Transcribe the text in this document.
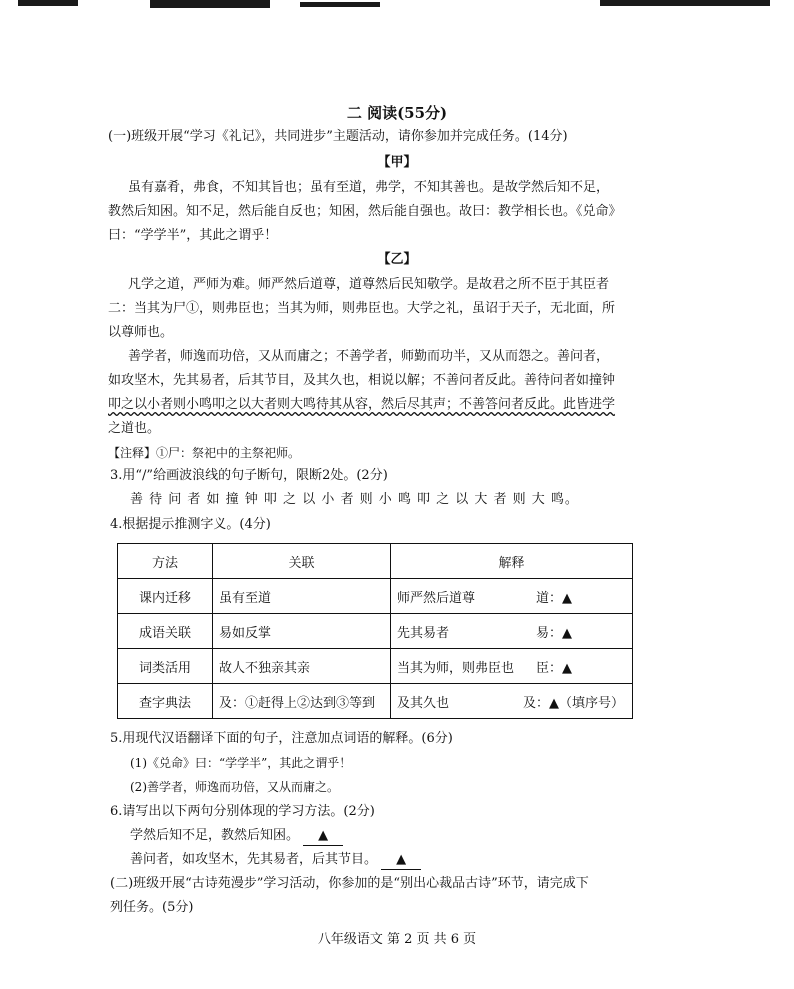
二 阅读(55分)
(一)班级开展“学习《礼记》，共同进步”主题活动，请你参加并完成任务。(14分)
【甲】
虽有嘉肴，弗食，不知其旨也；虽有至道，弗学，不知其善也。是故学然后知不足，
教然后知困。知不足，然后能自反也；知困，然后能自强也。故曰：教学相长也。《兑命》
曰：“学学半”，其此之谓乎！
【乙】
凡学之道，严师为难。师严然后道尊，道尊然后民知敬学。是故君之所不臣于其臣者
二：当其为尸①，则弗臣也；当其为师，则弗臣也。大学之礼，虽诏于天子，无北面，所
以尊师也。
善学者，师逸而功倍，又从而庸之；不善学者，师勤而功半，又从而怨之。善问者，
如攻坚木，先其易者，后其节目，及其久也，相说以解；不善问者反此。善待问者如撞钟
叩之以小者则小鸣叩之以大者则大鸣待其从容，然后尽其声；不善答问者反此。此皆进学
之道也。
【注释】①尸：祭祀中的主祭祀师。
3.用“/”给画波浪线的句子断句，限断2处。(2分)
善 待 问 者 如 撞 钟 叩 之 以 小 者 则 小 鸣 叩 之 以 大 者 则 大 鸣。
4.根据提示推测字义。(4分)
方法	关联	解释
课内迁移	虽有至道	师严然后道尊 道：▲

成语关联	易如反掌	先其易者 易：▲

词类活用	故人不独亲其亲	当其为师，则弗臣也 臣：▲

查字典法	及：①赶得上②达到③等到	及其久也 及：▲（填序号）
5.用现代汉语翻译下面的句子，注意加点词语的解释。(6分)
(1)《兑命》曰：“学学半”，其此之谓乎！
(2)善学者，师逸而功倍，又从而庸之。
6.请写出以下两句分别体现的学习方法。(2分)
学然后知不足，教然后知困。 ▲
善问者，如攻坚木，先其易者，后其节目。 ▲
(二)班级开展“古诗苑漫步”学习活动，你参加的是“别出心裁品古诗”环节，请完成下
列任务。(5分)
八年级语文 第 2 页 共 6 页
